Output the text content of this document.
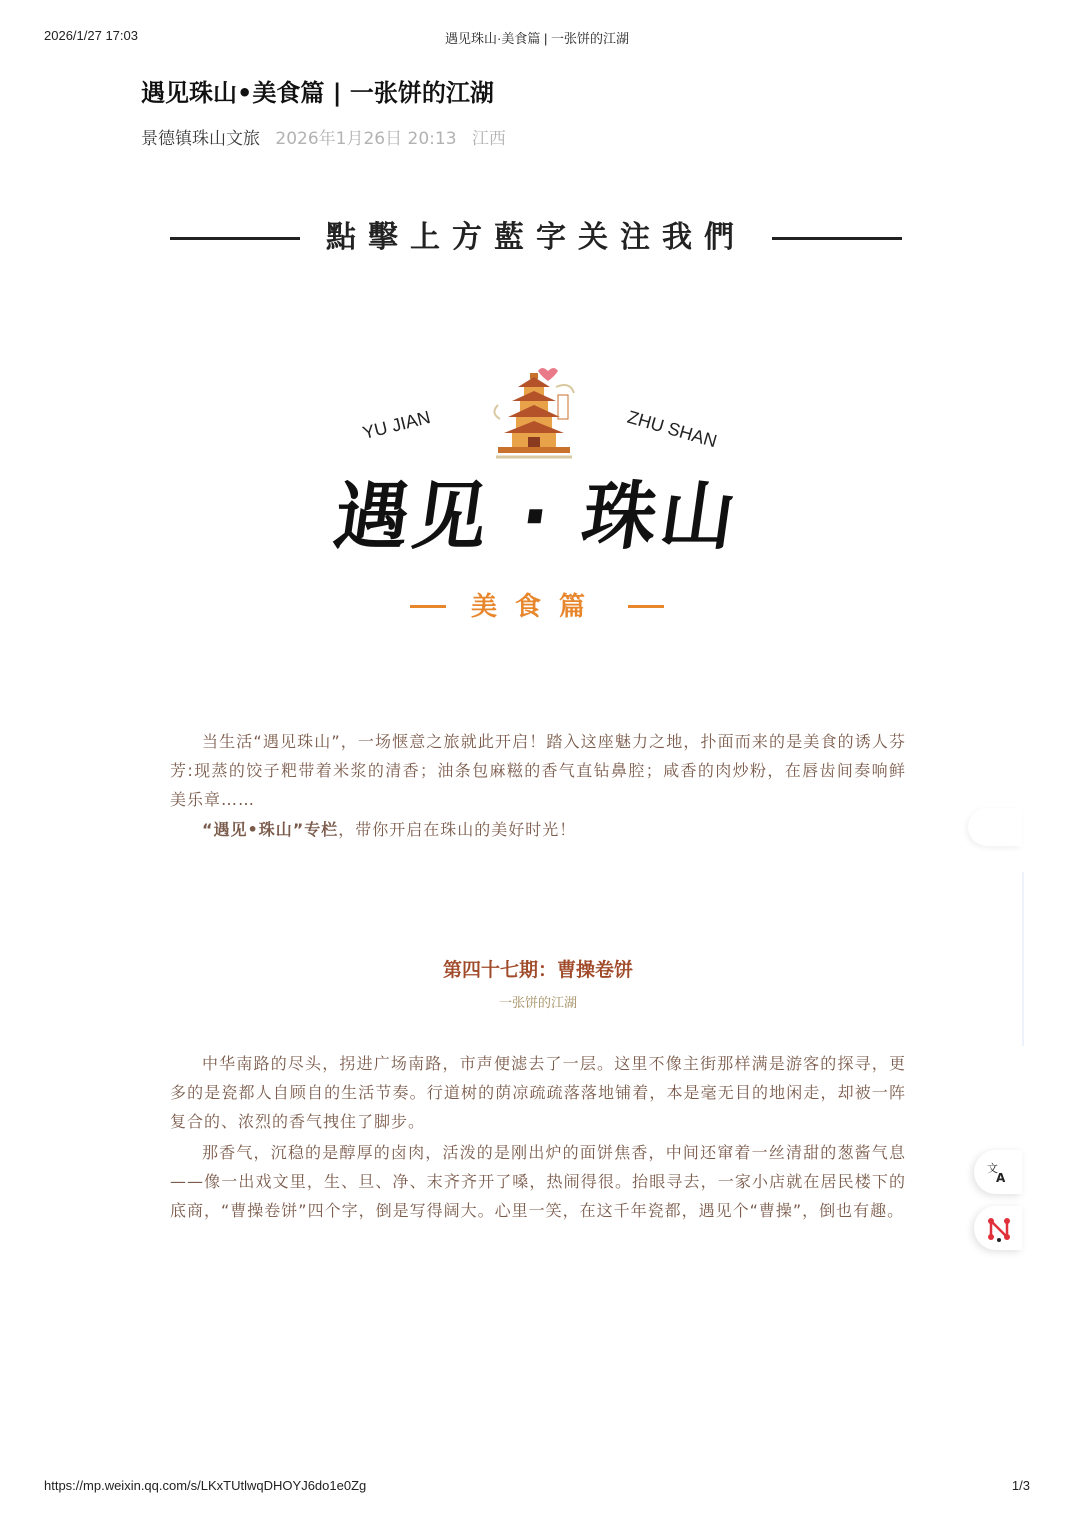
2026/1/27 17:03	遇见珠山·美食篇 | 一张饼的江湖
遇见珠山•美食篇 | 一张饼的江湖
景德镇珠山文旅 2026年1月26日 20:13 江西
點擊上方藍字关注我們
YU JIAN	ZHU SHAN
遇见 · 珠山
美食篇

当生活“遇见珠山”，一场惬意之旅就此开启！踏入这座魅力之地，扑面而来的是美食的诱人芬芳:现蒸的饺子粑带着米浆的清香；油条包麻糍的香气直钻鼻腔；咸香的肉炒粉，在唇齿间奏响鲜美乐章……

“遇见•珠山”专栏，带你开启在珠山的美好时光！

第四十七期：曹操卷饼
一张饼的江湖

中华南路的尽头，拐进广场南路，市声便滤去了一层。这里不像主街那样满是游客的探寻，更多的是瓷都人自顾自的生活节奏。行道树的荫凉疏疏落落地铺着，本是毫无目的地闲走，却被一阵复合的、浓烈的香气拽住了脚步。

那香气，沉稳的是醇厚的卤肉，活泼的是刚出炉的面饼焦香，中间还窜着一丝清甜的葱酱气息——像一出戏文里，生、旦、净、末齐齐开了嗓，热闹得很。抬眼寻去，一家小店就在居民楼下的底商，“曹操卷饼”四个字，倒是写得阔大。心里一笑，在这千年瓷都，遇见个“曹操”，倒也有趣。

文
A
https://mp.weixin.qq.com/s/LKxTUtlwqDHOYJ6do1e0Zg	1/3
